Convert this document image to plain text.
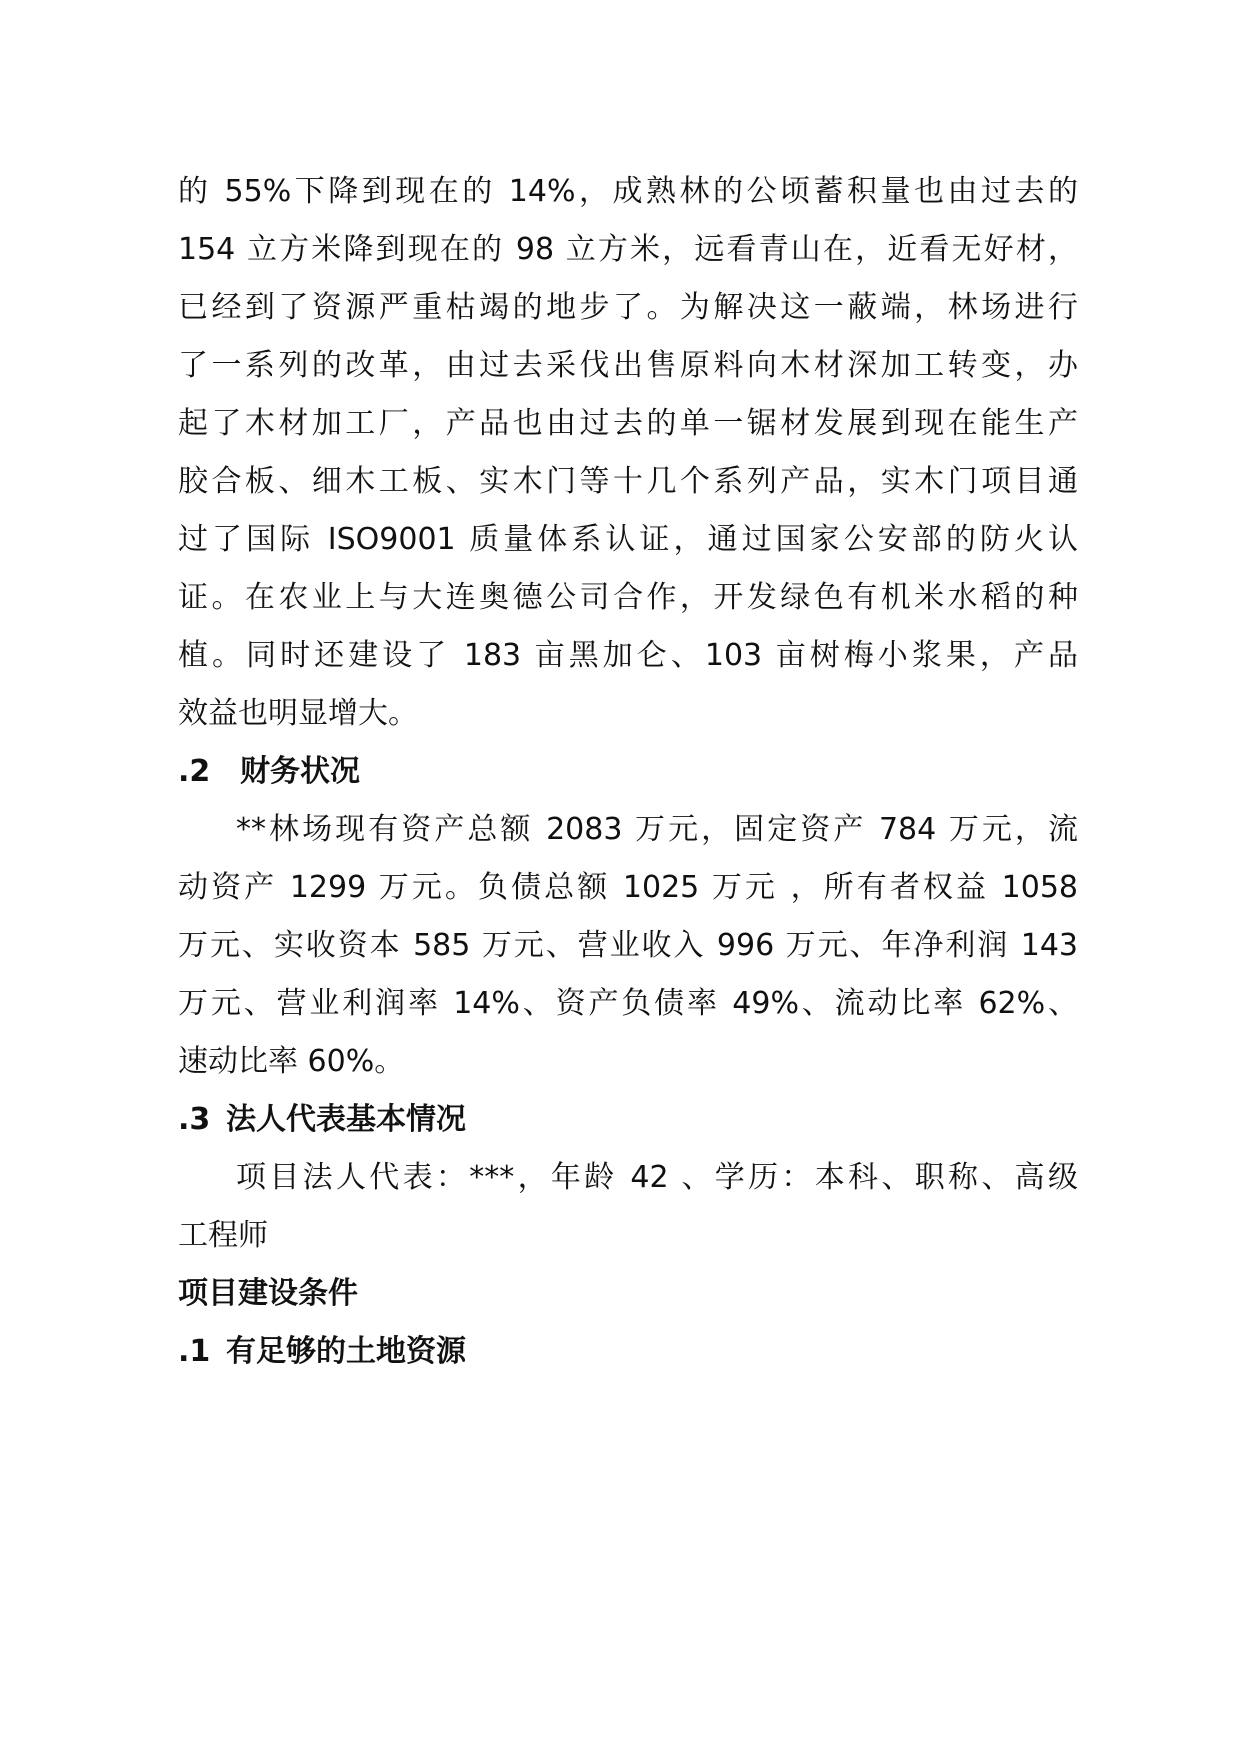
的 55%下降到现在的 14%，成熟林的公顷蓄积量也由过去的
154 立方米降到现在的 98 立方米，远看青山在，近看无好材，
已经到了资源严重枯竭的地步了。为解决这一蔽端，林场进行
了一系列的改革，由过去采伐出售原料向木材深加工转变，办
起了木材加工厂，产品也由过去的单一锯材发展到现在能生产
胶合板、细木工板、实木门等十几个系列产品，实木门项目通
过了国际 ISO9001 质量体系认证，通过国家公安部的防火认
证。在农业上与大连奥德公司合作，开发绿色有机米水稻的种
植。同时还建设了 183 亩黑加仑、103 亩树梅小浆果，产品
效益也明显增大。
.2 财务状况
**林场现有资产总额 2083 万元，固定资产 784 万元，流
动资产 1299 万元。负债总额 1025 万元 ，所有者权益 1058
万元、实收资本 585 万元、营业收入 996 万元、年净利润 143
万元、营业利润率 14%、资产负债率 49%、流动比率 62%、
速动比率 60%。
.3 法人代表基本情况
项目法人代表：***，年龄 42 、学历：本科、职称、高级
工程师
项目建设条件
.1 有足够的土地资源
